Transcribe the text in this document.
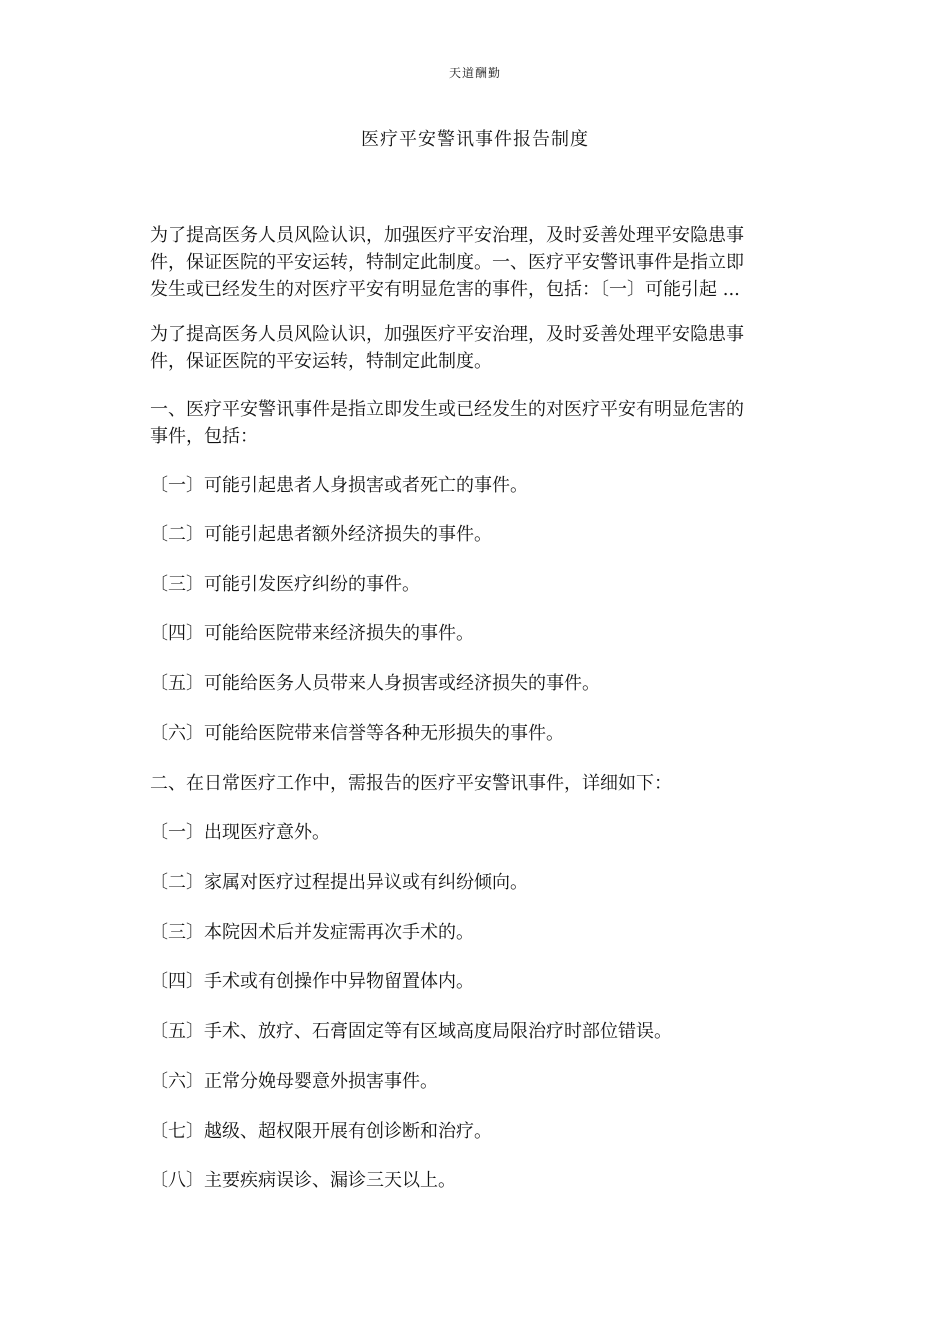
天道酬勤
医疗平安警讯事件报告制度
为了提高医务人员风险认识，加强医疗平安治理，及时妥善处理平安隐患事
件，保证医院的平安运转，特制定此制度。一、医疗平安警讯事件是指立即
发生或已经发生的对医疗平安有明显危害的事件，包括：〔一〕可能引起 ...
为了提高医务人员风险认识，加强医疗平安治理，及时妥善处理平安隐患事
件，保证医院的平安运转，特制定此制度。
一、医疗平安警讯事件是指立即发生或已经发生的对医疗平安有明显危害的
事件，包括：
〔一〕可能引起患者人身损害或者死亡的事件。
〔二〕可能引起患者额外经济损失的事件。
〔三〕可能引发医疗纠纷的事件。
〔四〕可能给医院带来经济损失的事件。
〔五〕可能给医务人员带来人身损害或经济损失的事件。
〔六〕可能给医院带来信誉等各种无形损失的事件。
二、在日常医疗工作中，需报告的医疗平安警讯事件，详细如下：
〔一〕出现医疗意外。
〔二〕家属对医疗过程提出异议或有纠纷倾向。
〔三〕本院因术后并发症需再次手术的。
〔四〕手术或有创操作中异物留置体内。
〔五〕手术、放疗、石膏固定等有区域高度局限治疗时部位错误。
〔六〕正常分娩母婴意外损害事件。
〔七〕越级、超权限开展有创诊断和治疗。
〔八〕主要疾病误诊、漏诊三天以上。
